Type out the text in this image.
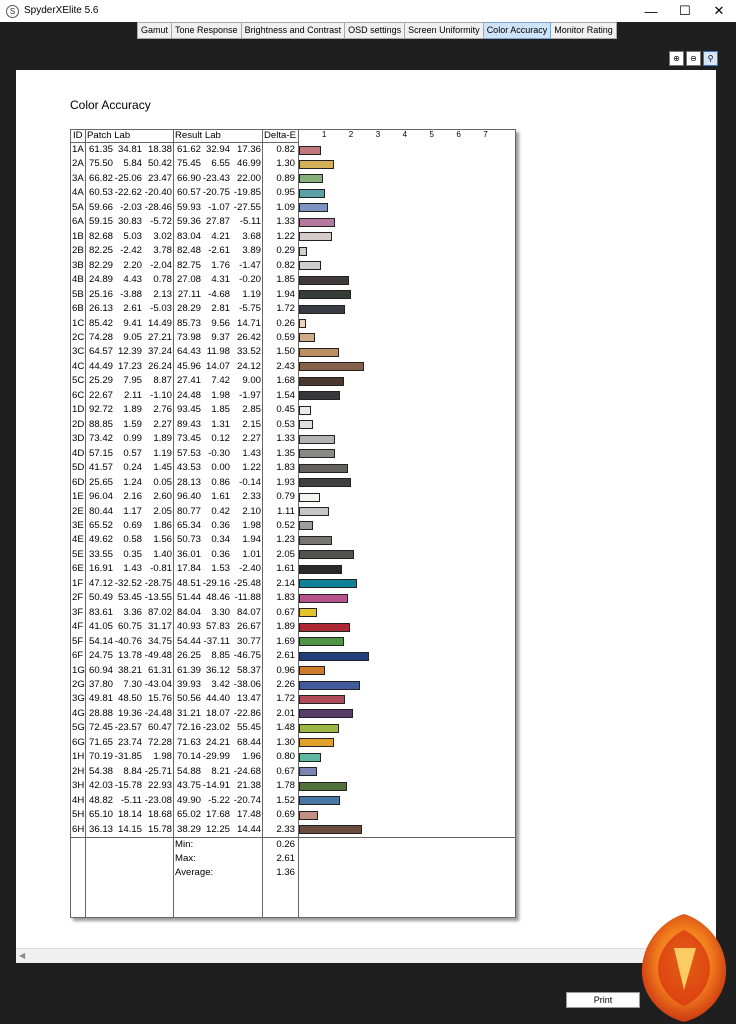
S SpyderXElite 5.6	—	☐	✕
Gamut Tone Response Brightness and Contrast OSD settings Screen Uniformity Color Accuracy Monitor Rating
⊕	⊖	⚲
Color Accuracy
ID Patch Lab	Result Lab	Delta-E	1	2	3	4	5	6	7
1A 61.35 34.81 18.38 61.62 32.94 17.36 0.82
2A 75.50 5.84 50.42 75.45 6.55 46.99 1.30
3A 66.82 -25.06 23.47 66.90 -23.43 22.00 0.89
4A 60.53 -22.62 -20.40 60.57 -20.75 -19.85 0.95
5A 59.66 -2.03 -28.46 59.93 -1.07 -27.55 1.09
6A 59.15 30.83 -5.72 59.36 27.87 -5.11 1.33
1B 82.68 5.03 3.02 83.04 4.21 3.68 1.22
2B 82.25 -2.42 3.78 82.48 -2.61 3.89 0.29
3B 82.29 2.20 -2.04 82.75 1.76 -1.47 0.82
4B 24.89 4.43 0.78 27.08 4.31 -0.20 1.85
5B 25.16 -3.88 2.13 27.11 -4.68 1.19 1.94
6B 26.13 2.61 -5.03 28.29 2.81 -5.75 1.72
1C 85.42 9.41 14.49 85.73 9.56 14.71 0.26
2C 74.28 9.05 27.21 73.98 9.37 26.42 0.59
3C 64.57 12.39 37.24 64.43 11.98 33.52 1.50
4C 44.49 17.23 26.24 45.96 14.07 24.12 2.43
5C 25.29 7.95 8.87 27.41 7.42 9.00 1.68
6C 22.67 2.11 -1.10 24.48 1.98 -1.97 1.54
1D 92.72 1.89 2.76 93.45 1.85 2.85 0.45
2D 88.85 1.59 2.27 89.43 1.31 2.15 0.53
3D 73.42 0.99 1.89 73.45 0.12 2.27 1.33
4D 57.15 0.57 1.19 57.53 -0.30 1.43 1.35
5D 41.57 0.24 1.45 43.53 0.00 1.22 1.83
6D 25.65 1.24 0.05 28.13 0.86 -0.14 1.93
1E 96.04 2.16 2.60 96.40 1.61 2.33 0.79
2E 80.44 1.17 2.05 80.77 0.42 2.10 1.11
3E 65.52 0.69 1.86 65.34 0.36 1.98 0.52
4E 49.62 0.58 1.56 50.73 0.34 1.94 1.23
5E 33.55 0.35 1.40 36.01 0.36 1.01 2.05
6E 16.91 1.43 -0.81 17.84 1.53 -2.40 1.61
1F 47.12 -32.52 -28.75 48.51 -29.16 -25.48 2.14
2F 50.49 53.45 -13.55 51.44 48.46 -11.88 1.83
3F 83.61 3.36 87.02 84.04 3.30 84.07 0.67
4F 41.05 60.75 31.17 40.93 57.83 26.67 1.89
5F 54.14 -40.76 34.75 54.44 -37.11 30.77 1.69
6F 24.75 13.78 -49.48 26.25 8.85 -46.75 2.61
1G 60.94 38.21 61.31 61.39 36.12 58.37 0.96
2G 37.80 7.30 -43.04 39.93 3.42 -38.06 2.26
3G 49.81 48.50 15.76 50.56 44.40 13.47 1.72
4G 28.88 19.36 -24.48 31.21 18.07 -22.86 2.01
5G 72.45 -23.57 60.47 72.16 -23.02 55.45 1.48
6G 71.65 23.74 72.28 71.63 24.21 68.44 1.30
1H 70.19 -31.85 1.98 70.14 -29.99 1.96 0.80
2H 54.38 8.84 -25.71 54.88 8.21 -24.68 0.67
3H 42.03 -15.78 22.93 43.75 -14.91 21.38 1.78
4H 48.82 -5.11 -23.08 49.90 -5.22 -20.74 1.52
5H 65.10 18.14 18.68 65.02 17.68 17.48 0.69
6H 36.13 14.15 15.78 38.29 12.25 14.44 2.33
Min:	0.26
Max:	2.61
Average:	1.36
◀
Print
